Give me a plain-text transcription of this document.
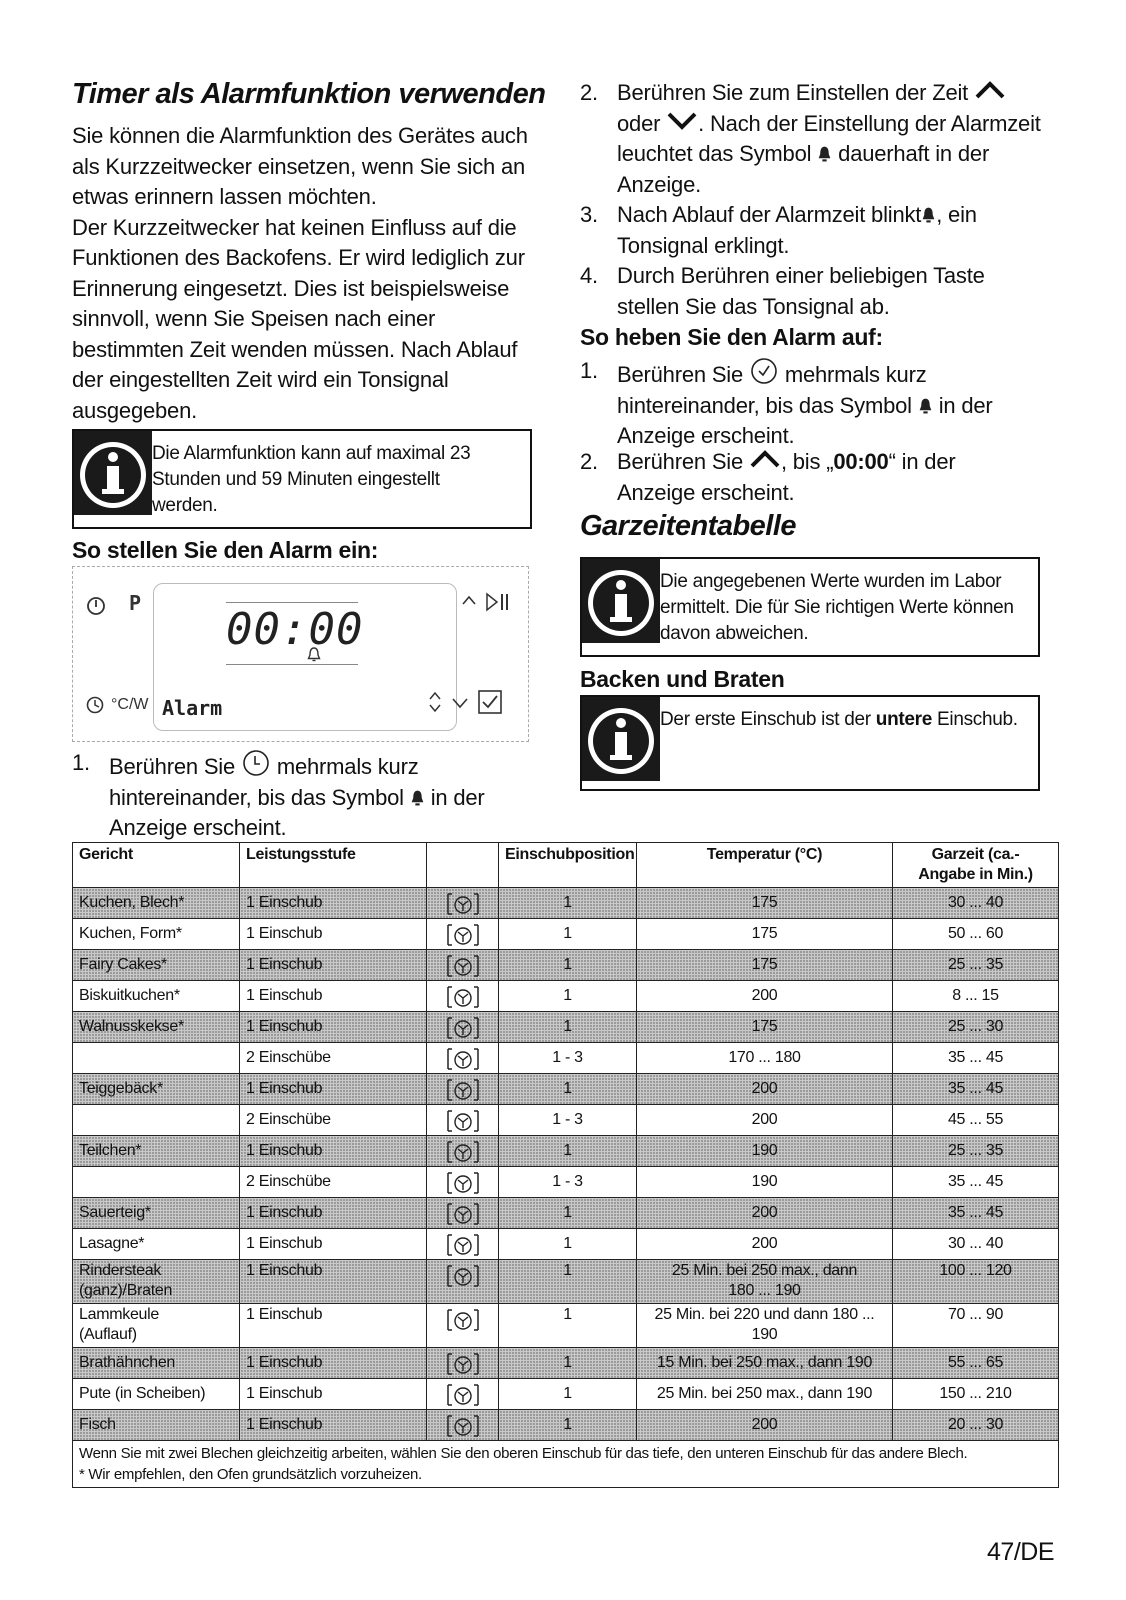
Timer als Alarmfunktion verwenden
Sie können die Alarmfunktion des Gerätes auch
als Kurzzeitwecker einsetzen, wenn Sie sich an
etwas erinnern lassen möchten.
Der Kurzzeitwecker hat keinen Einfluss auf die
Funktionen des Backofens. Er wird lediglich zur
Erinnerung eingesetzt. Dies ist beispielsweise
sinnvoll, wenn Sie Speisen nach einer
bestimmten Zeit wenden müssen. Nach Ablauf
der eingestellten Zeit wird ein Tonsignal
ausgegeben.
Die Alarmfunktion kann auf maximal 23
Stunden und 59 Minuten eingestellt
werden.
So stellen Sie den Alarm ein:
P
00:00
Alarm
°C/W
1. Berühren Sie mehrmals kurz
hintereinander, bis das Symbol in der
Anzeige erscheint.
2. Berühren Sie zum Einstellen der Zeit
oder . Nach der Einstellung der Alarmzeit
leuchtet das Symbol dauerhaft in der
Anzeige.
3. Nach Ablauf der Alarmzeit blinkt , ein
Tonsignal erklingt.
4. Durch Berühren einer beliebigen Taste
stellen Sie das Tonsignal ab.
So heben Sie den Alarm auf:
1. Berühren Sie mehrmals kurz
hintereinander, bis das Symbol in der
Anzeige erscheint.
2. Berühren Sie , bis „00:00“ in der
Anzeige erscheint.
Garzeitentabelle
Die angegebenen Werte wurden im Labor
ermittelt. Die für Sie richtigen Werte können
davon abweichen.
Backen und Braten
Der erste Einschub ist der untere Einschub.
Gericht	Leistungsstufe		Einschubposition	Temperatur (°C)	Garzeit (ca.-
Angabe in Min.)
Kuchen, Blech*	1 Einschub		1	175	30 ... 40
Kuchen, Form*	1 Einschub		1	175	50 ... 60
Fairy Cakes*	1 Einschub		1	175	25 ... 35
Biskuitkuchen*	1 Einschub		1	200	8 ... 15
Walnusskekse*	1 Einschub		1	175	25 ... 30
	2 Einschübe		1 - 3	170 ... 180	35 ... 45
Teiggebäck*	1 Einschub		1	200	35 ... 45
	2 Einschübe		1 - 3	200	45 ... 55
Teilchen*	1 Einschub		1	190	25 ... 35
	2 Einschübe		1 - 3	190	35 ... 45
Sauerteig*	1 Einschub		1	200	35 ... 45
Lasagne*	1 Einschub		1	200	30 ... 40
Rindersteak
(ganz)/Braten	1 Einschub		1	25 Min. bei 250 max., dann
180 ... 190	100 ... 120
Lammkeule
(Auflauf)	1 Einschub		1	25 Min. bei 220 und dann 180 ...
190	70 ... 90
Brathähnchen	1 Einschub		1	15 Min. bei 250 max., dann 190	55 ... 65
Pute (in Scheiben)	1 Einschub		1	25 Min. bei 250 max., dann 190	150 ... 210
Fisch	1 Einschub		1	200	20 ... 30

Wenn Sie mit zwei Blechen gleichzeitig arbeiten, wählen Sie den oberen Einschub für das tiefe, den unteren Einschub für das andere Blech.
* Wir empfehlen, den Ofen grundsätzlich vorzuheizen.					
47/DE
